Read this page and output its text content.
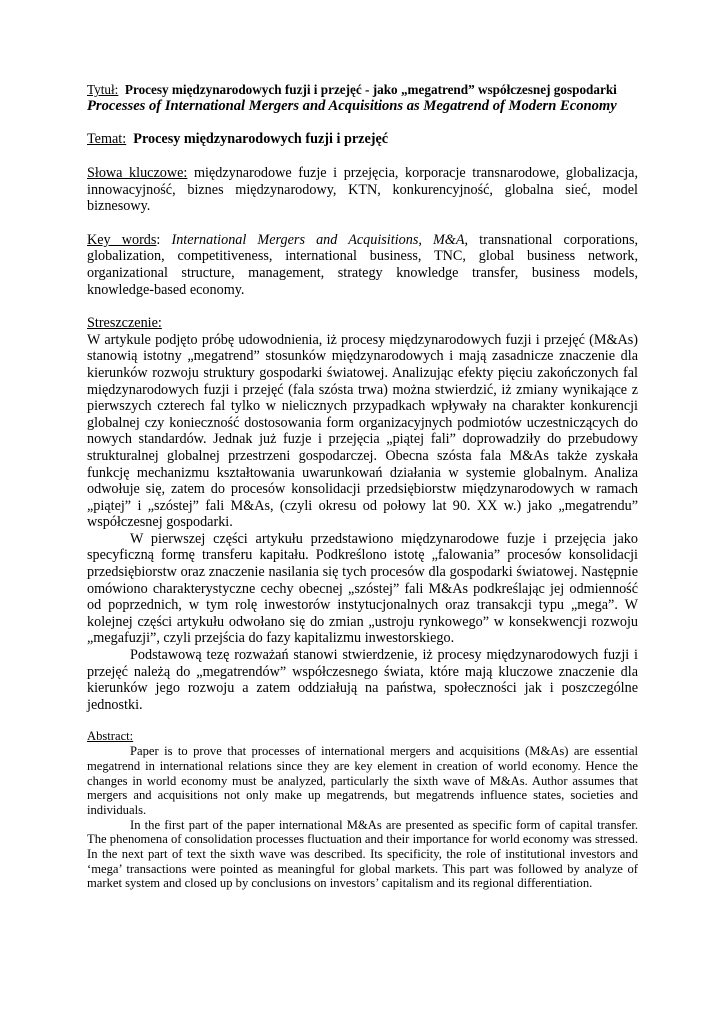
Tytuł: Procesy międzynarodowych fuzji i przejęć - jako „megatrend” współczesnej gospodarki
Processes of International Mergers and Acquisitions as Megatrend of Modern Economy
Temat: Procesy międzynarodowych fuzji i przejęć
Słowa kluczowe: międzynarodowe fuzje i przejęcia, korporacje transnarodowe, globalizacja, innowacyjność, biznes międzynarodowy, KTN, konkurencyjność, globalna sieć, model biznesowy.
Key words: International Mergers and Acquisitions, M&A, transnational corporations, globalization, competitiveness, international business, TNC, global business network, organizational structure, management, strategy knowledge transfer, business models, knowledge-based economy.
Streszczenie:
W artykule podjęto próbę udowodnienia, iż procesy międzynarodowych fuzji i przejęć (M&As) stanowią istotny „megatrend” stosunków międzynarodowych i mają zasadnicze znaczenie dla kierunków rozwoju struktury gospodarki światowej. Analizując efekty pięciu zakończonych fal międzynarodowych fuzji i przejęć (fala szósta trwa) można stwierdzić, iż zmiany wynikające z pierwszych czterech fal tylko w nielicznych przypadkach wpływały na charakter konkurencji globalnej czy konieczność dostosowania form organizacyjnych podmiotów uczestniczących do nowych standardów. Jednak już fuzje i przejęcia „piątej fali” doprowadziły do przebudowy strukturalnej globalnej przestrzeni gospodarczej. Obecna szósta fala M&As także zyskała funkcję mechanizmu kształtowania uwarunkowań działania w systemie globalnym. Analiza odwołuje się, zatem do procesów konsolidacji przedsiębiorstw międzynarodowych w ramach „piątej” i „szóstej” fali M&As, (czyli okresu od połowy lat 90. XX w.) jako „megatrendu” współczesnej gospodarki.
W pierwszej części artykułu przedstawiono międzynarodowe fuzje i przejęcia jako specyficzną formę transferu kapitału. Podkreślono istotę „falowania” procesów konsolidacji przedsiębiorstw oraz znaczenie nasilania się tych procesów dla gospodarki światowej. Następnie omówiono charakterystyczne cechy obecnej „szóstej” fali M&As podkreślając jej odmienność od poprzednich, w tym rolę inwestorów instytucjonalnych oraz transakcji typu „mega”. W kolejnej części artykułu odwołano się do zmian „ustroju rynkowego” w konsekwencji rozwoju „megafuzji”, czyli przejścia do fazy kapitalizmu inwestorskiego.
Podstawową tezę rozważań stanowi stwierdzenie, iż procesy międzynarodowych fuzji i przejęć należą do „megatrendów” współczesnego świata, które mają kluczowe znaczenie dla kierunków jego rozwoju a zatem oddziałują na państwa, społeczności jak i poszczególne jednostki.
Abstract:
Paper is to prove that processes of international mergers and acquisitions (M&As) are essential megatrend in international relations since they are key element in creation of world economy. Hence the changes in world economy must be analyzed, particularly the sixth wave of M&As. Author assumes that mergers and acquisitions not only make up megatrends, but megatrends influence states, societies and individuals.
In the first part of the paper international M&As are presented as specific form of capital transfer. The phenomena of consolidation processes fluctuation and their importance for world economy was stressed. In the next part of text the sixth wave was described. Its specificity, the role of institutional investors and ‘mega’ transactions were pointed as meaningful for global markets. This part was followed by analyze of market system and closed up by conclusions on investors’ capitalism and its regional differentiation.
